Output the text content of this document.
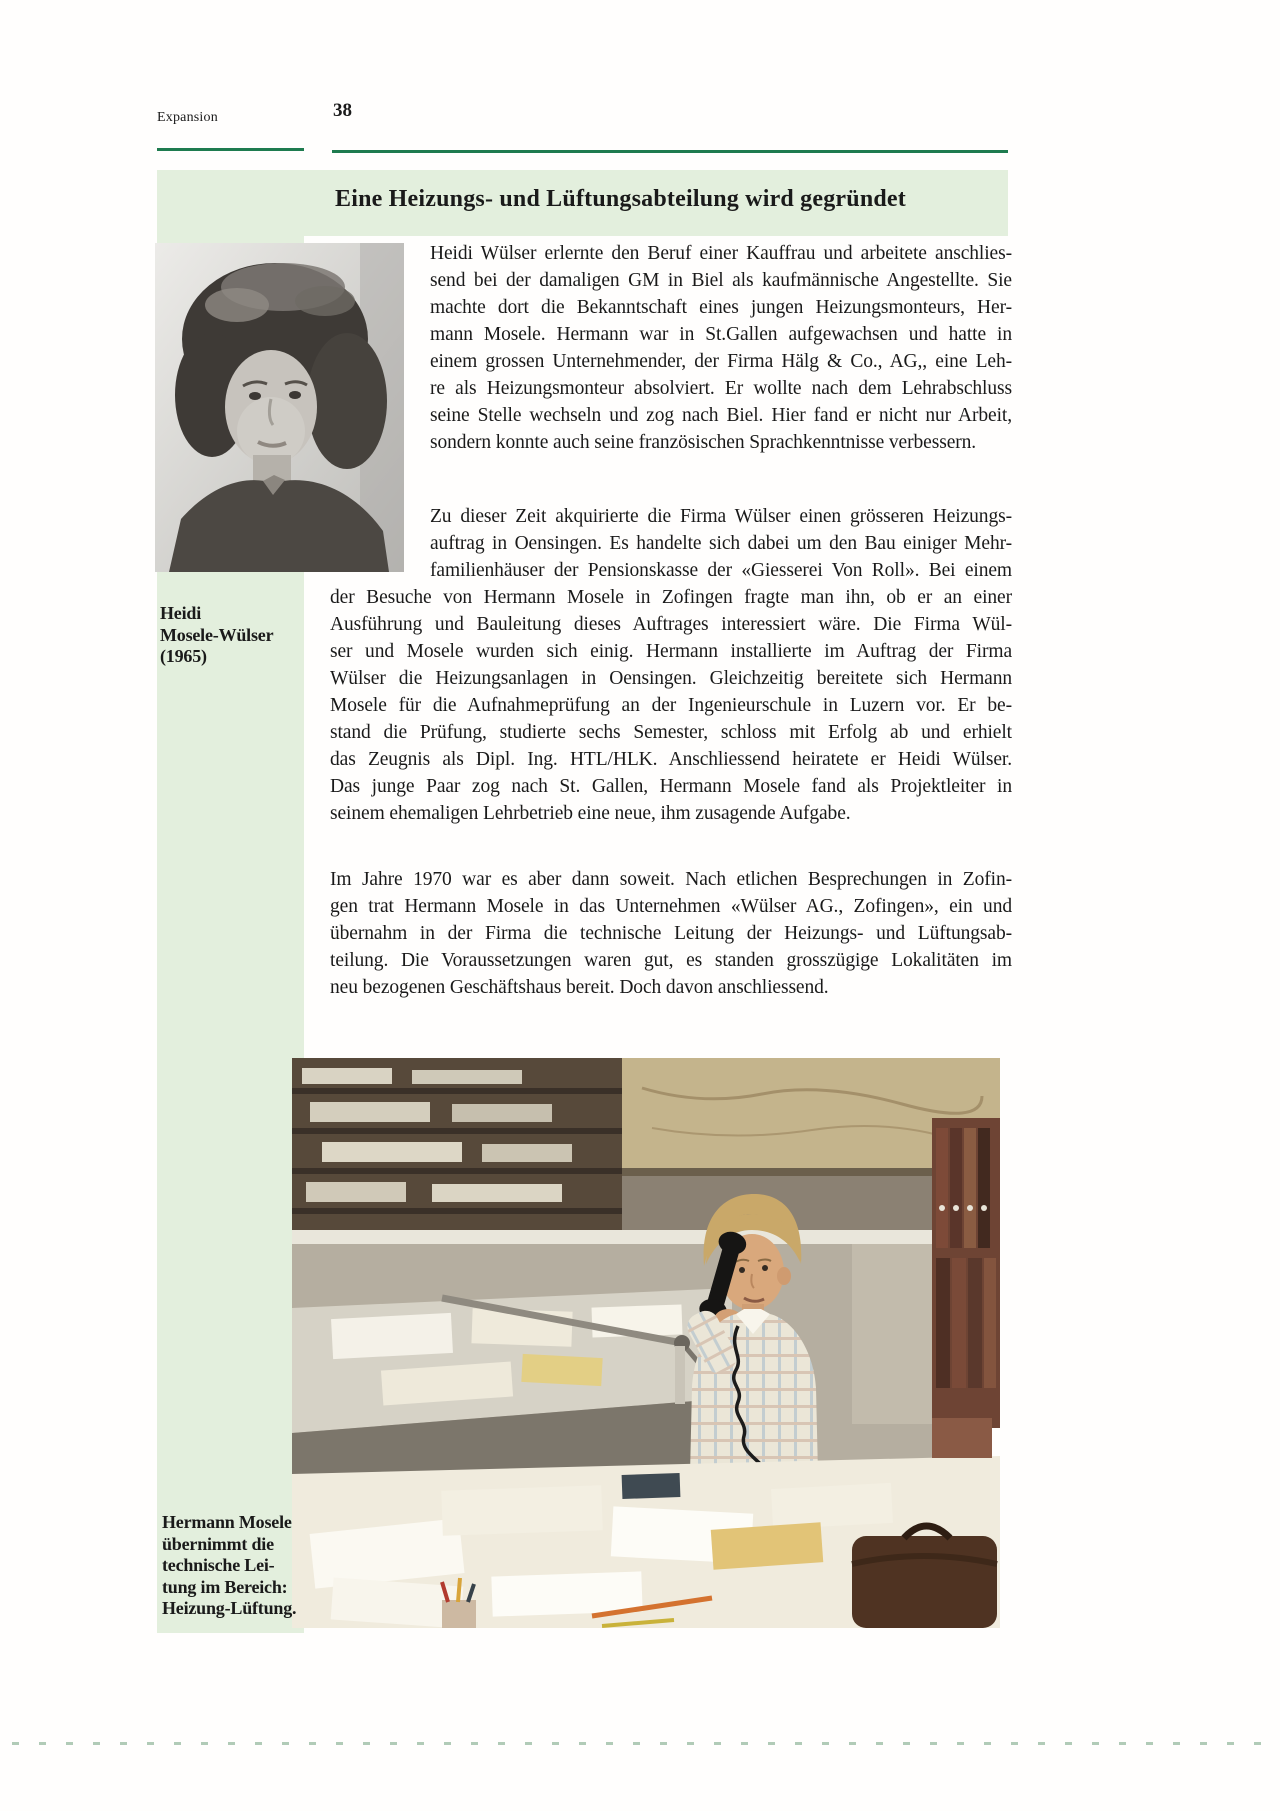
Expansion	38
Eine Heizungs- und Lüftungsabteilung wird gegründet
Heidi
Mosele-Wülser
(1965)
Heidi Wülser erlernte den Beruf einer Kauffrau und arbeitete anschlies-
send bei der damaligen GM in Biel als kaufmännische Angestellte. Sie
machte dort die Bekanntschaft eines jungen Heizungsmonteurs, Her-
mann Mosele. Hermann war in St.Gallen aufgewachsen und hatte in
einem grossen Unternehmender, der Firma Hälg & Co., AG,, eine Leh-
re als Heizungsmonteur absolviert. Er wollte nach dem Lehrabschluss
seine Stelle wechseln und zog nach Biel. Hier fand er nicht nur Arbeit,
sondern konnte auch seine französischen Sprachkenntnisse verbessern.
Zu dieser Zeit akquirierte die Firma Wülser einen grösseren Heizungs-
auftrag in Oensingen. Es handelte sich dabei um den Bau einiger Mehr-
familienhäuser der Pensionskasse der «Giesserei Von Roll». Bei einem
der Besuche von Hermann Mosele in Zofingen fragte man ihn, ob er an einer
Ausführung und Bauleitung dieses Auftrages interessiert wäre. Die Firma Wül-
ser und Mosele wurden sich einig. Hermann installierte im Auftrag der Firma
Wülser die Heizungsanlagen in Oensingen. Gleichzeitig bereitete sich Hermann
Mosele für die Aufnahmeprüfung an der Ingenieurschule in Luzern vor. Er be-
stand die Prüfung, studierte sechs Semester, schloss mit Erfolg ab und erhielt
das Zeugnis als Dipl. Ing. HTL/HLK. Anschliessend heiratete er Heidi Wülser.
Das junge Paar zog nach St. Gallen, Hermann Mosele fand als Projektleiter in
seinem ehemaligen Lehrbetrieb eine neue, ihm zusagende Aufgabe.
Im Jahre 1970 war es aber dann soweit. Nach etlichen Besprechungen in Zofin-
gen trat Hermann Mosele in das Unternehmen «Wülser AG., Zofingen», ein und
übernahm in der Firma die technische Leitung der Heizungs- und Lüftungsab-
teilung. Die Voraussetzungen waren gut, es standen grosszügige Lokalitäten im
neu bezogenen Geschäftshaus bereit. Doch davon anschliessend.
Hermann Mosele
übernimmt die
technische Lei-
tung im Bereich:
Heizung-Lüftung.
